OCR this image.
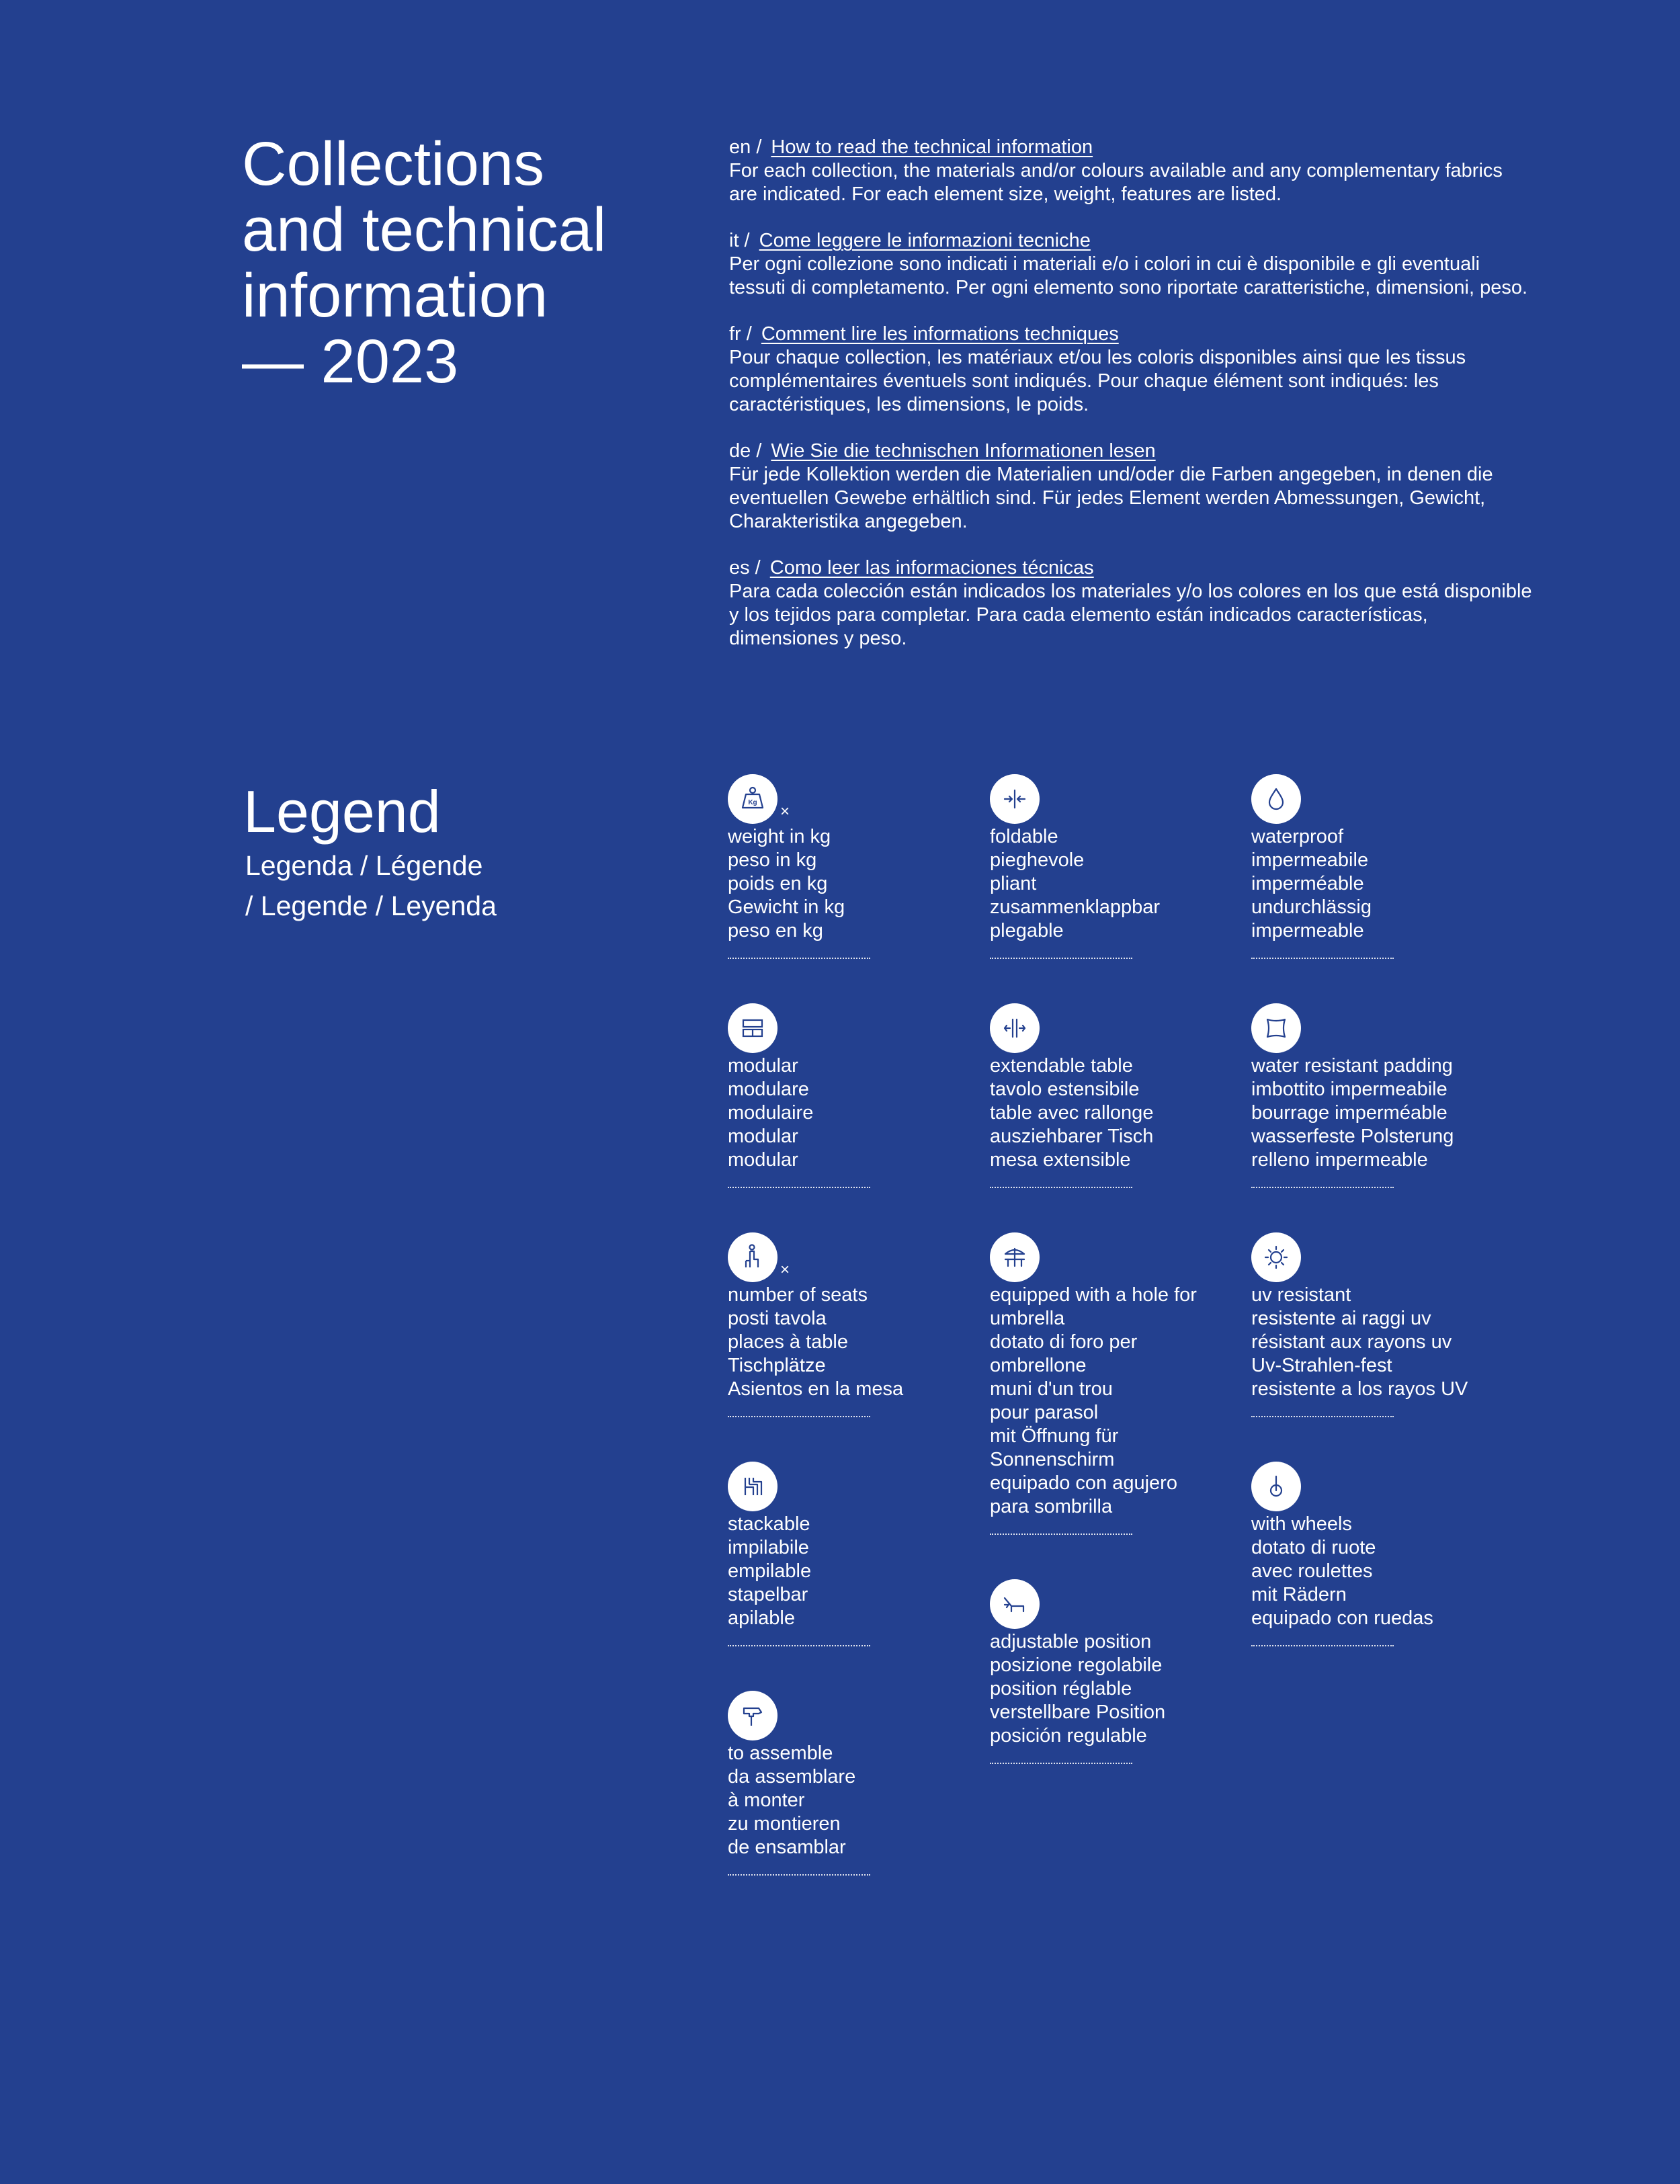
Collections
and technical
information
— 2023
en / How to read the technical information
For each collection, the materials and/or colours available and any complementary fabrics are indicated. For each element size, weight, features are listed.
it / Come leggere le informazioni tecniche
Per ogni collezione sono indicati i materiali e/o i colori in cui è disponibile e gli eventuali tessuti di completamento. Per ogni elemento sono riportate caratteristiche, dimensioni, peso.
fr / Comment lire les informations techniques
Pour chaque collection, les matériaux et/ou les coloris disponibles ainsi que les tissus complémentaires éventuels sont indiqués. Pour chaque élément sont indiqués: les caractéristiques, les dimensions, le poids.
de / Wie Sie die technischen Informationen lesen
Für jede Kollektion werden die Materialien und/oder die Farben angegeben, in denen die eventuellen Gewebe erhältlich sind. Für jedes Element werden Abmessungen, Gewicht, Charakteristika angegeben.
es / Como leer las informaciones técnicas
Para cada colección están indicados los materiales y/o los colores en los que está disponible y los tejidos para completar. Para cada elemento están indicados características, dimensiones y peso.
Legend
Legenda / Légende
/ Legende / Leyenda
Kg ×
weight in kg
peso in kg
poids en kg
Gewicht in kg
peso en kg
modular
modulare
modulaire
modular
modular
×
number of seats
posti tavola
places à table
Tischplätze
Asientos en la mesa
stackable
impilabile
empilable
stapelbar
apilable
to assemble
da assemblare
à monter
zu montieren
de ensamblar
foldable
pieghevole
pliant
zusammenklappbar
plegable
extendable table
tavolo estensibile
table avec rallonge
ausziehbarer Tisch
mesa extensible
equipped with a hole for
umbrella
dotato di foro per
ombrellone
muni d'un trou
pour parasol
mit Öffnung für
Sonnenschirm
equipado con agujero
para sombrilla
adjustable position
posizione regolabile
position réglable
verstellbare Position
posición regulable
waterproof
impermeabile
imperméable
undurchlässig
impermeable
water resistant padding
imbottito impermeabile
bourrage imperméable
wasserfeste Polsterung
relleno impermeable
uv resistant
resistente ai raggi uv
résistant aux rayons uv
Uv-Strahlen-fest
resistente a los rayos UV
with wheels
dotato di ruote
avec roulettes
mit Rädern
equipado con ruedas
